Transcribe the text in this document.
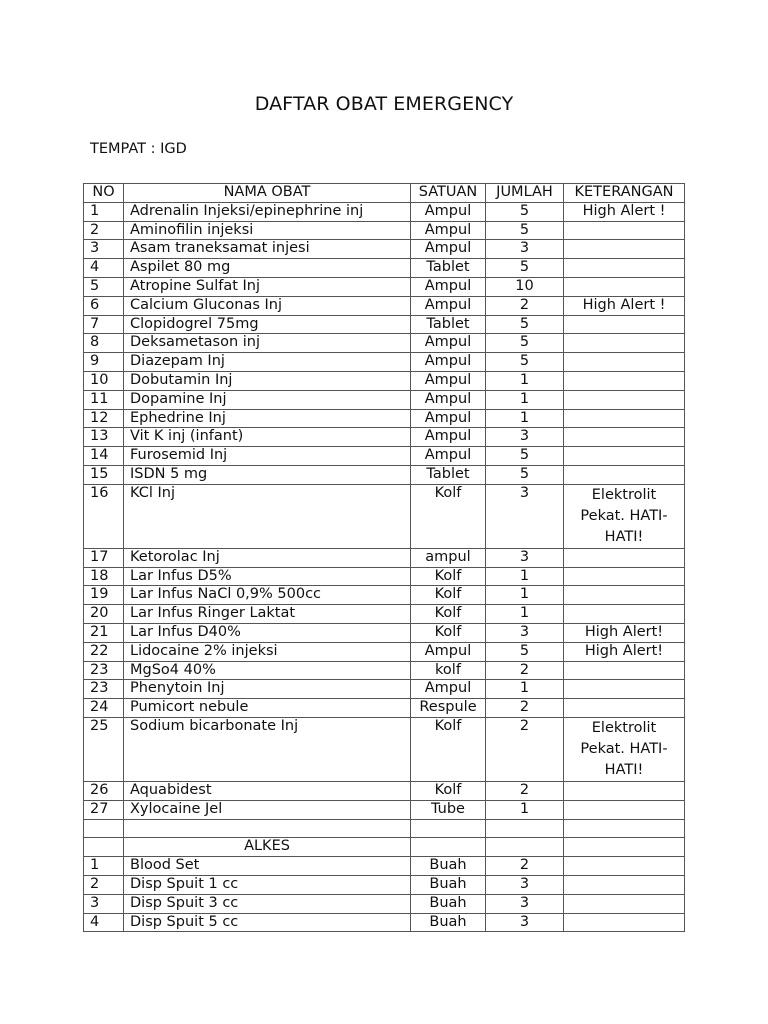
DAFTAR OBAT EMERGENCY
TEMPAT : IGD
NO	NAMA OBAT	SATUAN	JUMLAH	KETERANGAN
1	Adrenalin Injeksi/epinephrine inj	Ampul	5	High Alert !
2	Aminofilin injeksi	Ampul	5	
3	Asam traneksamat injesi	Ampul	3	
4	Aspilet 80 mg	Tablet	5	
5	Atropine Sulfat Inj	Ampul	10	
6	Calcium Gluconas Inj	Ampul	2	High Alert !
7	Clopidogrel 75mg	Tablet	5	
8	Deksametason inj	Ampul	5	
9	Diazepam Inj	Ampul	5	
10	Dobutamin Inj	Ampul	1	
11	Dopamine Inj	Ampul	1	
12	Ephedrine Inj	Ampul	1	
13	Vit K inj (infant)	Ampul	3	
14	Furosemid Inj	Ampul	5	
15	ISDN 5 mg	Tablet	5	
16	KCl Inj	Kolf	3	Elektrolit Pekat. HATI-HATI!
17	Ketorolac Inj	ampul	3	
18	Lar Infus D5%	Kolf	1	
19	Lar Infus NaCl 0,9% 500cc	Kolf	1	
20	Lar Infus Ringer Laktat	Kolf	1	
21	Lar Infus D40%	Kolf	3	High Alert!
22	Lidocaine 2% injeksi	Ampul	5	High Alert!
23	MgSo4 40%	kolf	2	
23	Phenytoin Inj	Ampul	1	
24	Pumicort nebule	Respule	2	
25	Sodium bicarbonate Inj	Kolf	2	Elektrolit Pekat. HATI-HATI!
26	Aquabidest	Kolf	2	
27	Xylocaine Jel	Tube	1	

	ALKES			
1	Blood Set	Buah	2	
2	Disp Spuit 1 cc	Buah	3	
3	Disp Spuit 3 cc	Buah	3	
4	Disp Spuit 5 cc	Buah	3	
